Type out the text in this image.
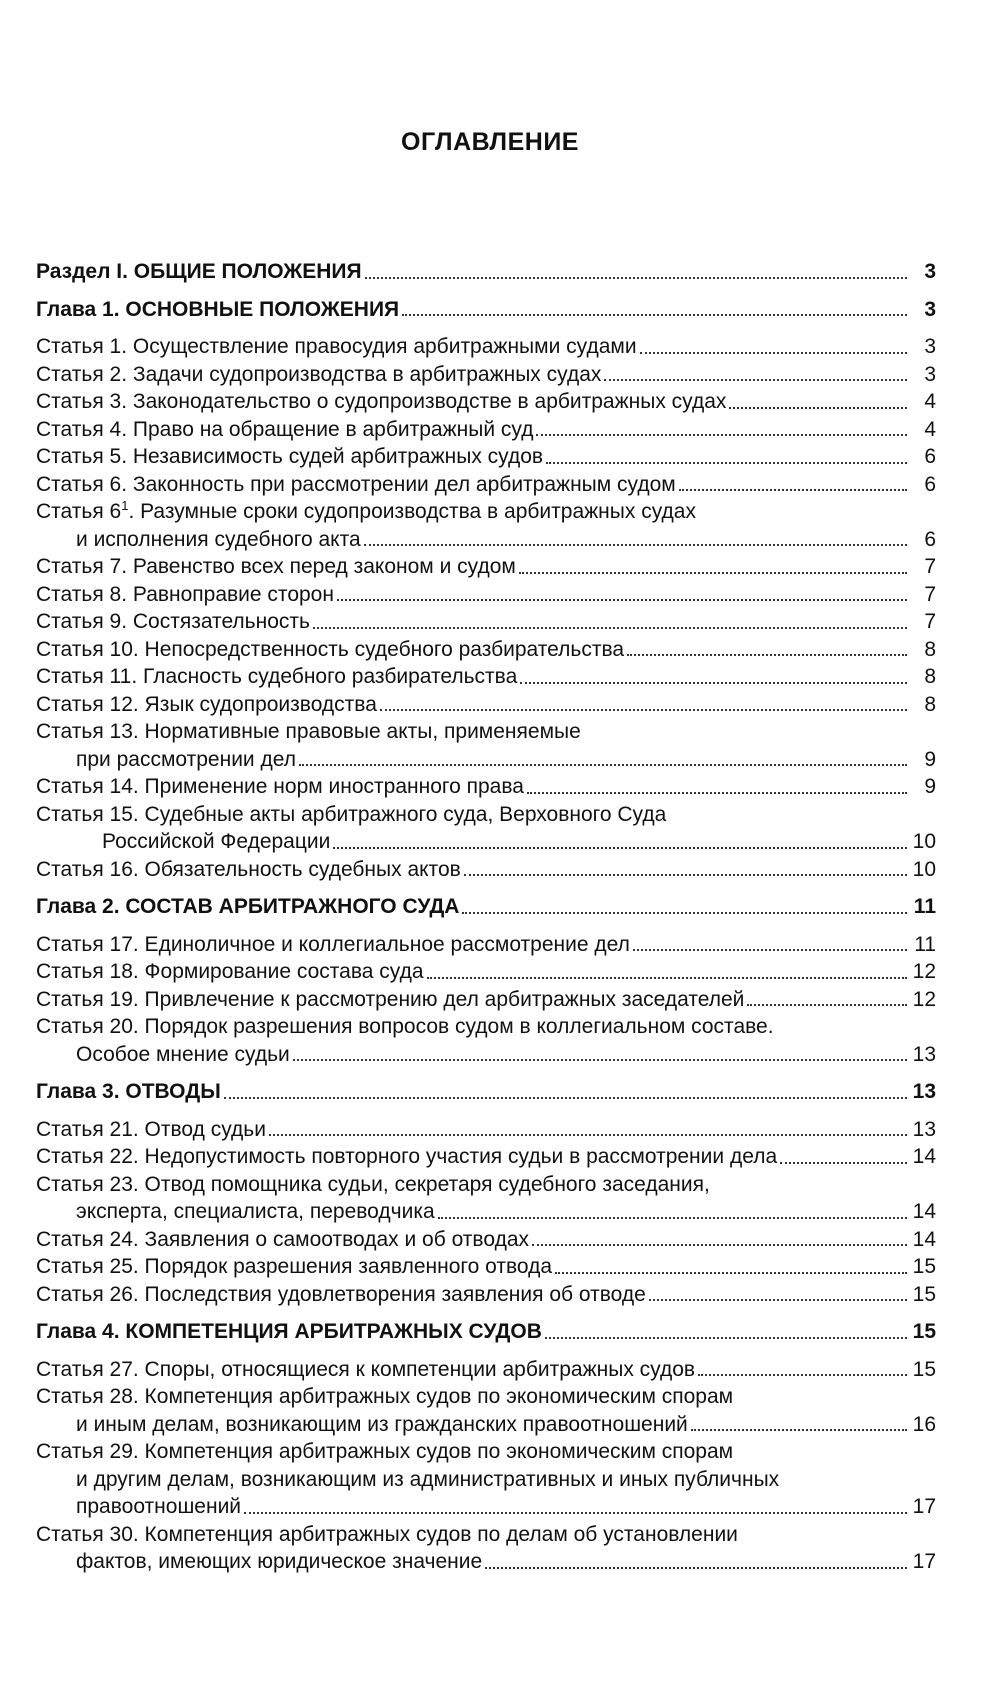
ОГЛАВЛЕНИЕ
Раздел I. ОБЩИЕ ПОЛОЖЕНИЯ	3
Глава 1. ОСНОВНЫЕ ПОЛОЖЕНИЯ	3
Статья 1. Осуществление правосудия арбитражными судами	3
Статья 2. Задачи судопроизводства в арбитражных судах	3
Статья 3. Законодательство о судопроизводстве в арбитражных судах	4
Статья 4. Право на обращение в арбитражный суд	4
Статья 5. Независимость судей арбитражных судов	6
Статья 6. Законность при рассмотрении дел арбитражным судом	6
Статья $6^1$. Разумные сроки судопроизводства в арбитражных судах
и исполнения судебного акта	6
Статья 7. Равенство всех перед законом и судом	7
Статья 8. Равноправие сторон	7
Статья 9. Состязательность	7
Статья 10. Непосредственность судебного разбирательства	8
Статья 11. Гласность судебного разбирательства	8
Статья 12. Язык судопроизводства	8
Статья 13. Нормативные правовые акты, применяемые
при рассмотрении дел	9
Статья 14. Применение норм иностранного права	9
Статья 15. Судебные акты арбитражного суда, Верховного Суда
Российской Федерации	10
Статья 16. Обязательность судебных актов	10
Глава 2. СОСТАВ АРБИТРАЖНОГО СУДА	11
Статья 17. Единоличное и коллегиальное рассмотрение дел	11
Статья 18. Формирование состава суда	12
Статья 19. Привлечение к рассмотрению дел арбитражных заседателей	12
Статья 20. Порядок разрешения вопросов судом в коллегиальном составе.
Особое мнение судьи	13
Глава 3. ОТВОДЫ	13
Статья 21. Отвод судьи	13
Статья 22. Недопустимость повторного участия судьи в рассмотрении дела	14
Статья 23. Отвод помощника судьи, секретаря судебного заседания,
эксперта, специалиста, переводчика	14
Статья 24. Заявления о самоотводах и об отводах	14
Статья 25. Порядок разрешения заявленного отвода	15
Статья 26. Последствия удовлетворения заявления об отводе	15
Глава 4. КОМПЕТЕНЦИЯ АРБИТРАЖНЫХ СУДОВ	15
Статья 27. Споры, относящиеся к компетенции арбитражных судов	15
Статья 28. Компетенция арбитражных судов по экономическим спорам
и иным делам, возникающим из гражданских правоотношений	16
Статья 29. Компетенция арбитражных судов по экономическим спорам
и другим делам, возникающим из административных и иных публичных
правоотношений	17
Статья 30. Компетенция арбитражных судов по делам об установлении
фактов, имеющих юридическое значение	17
